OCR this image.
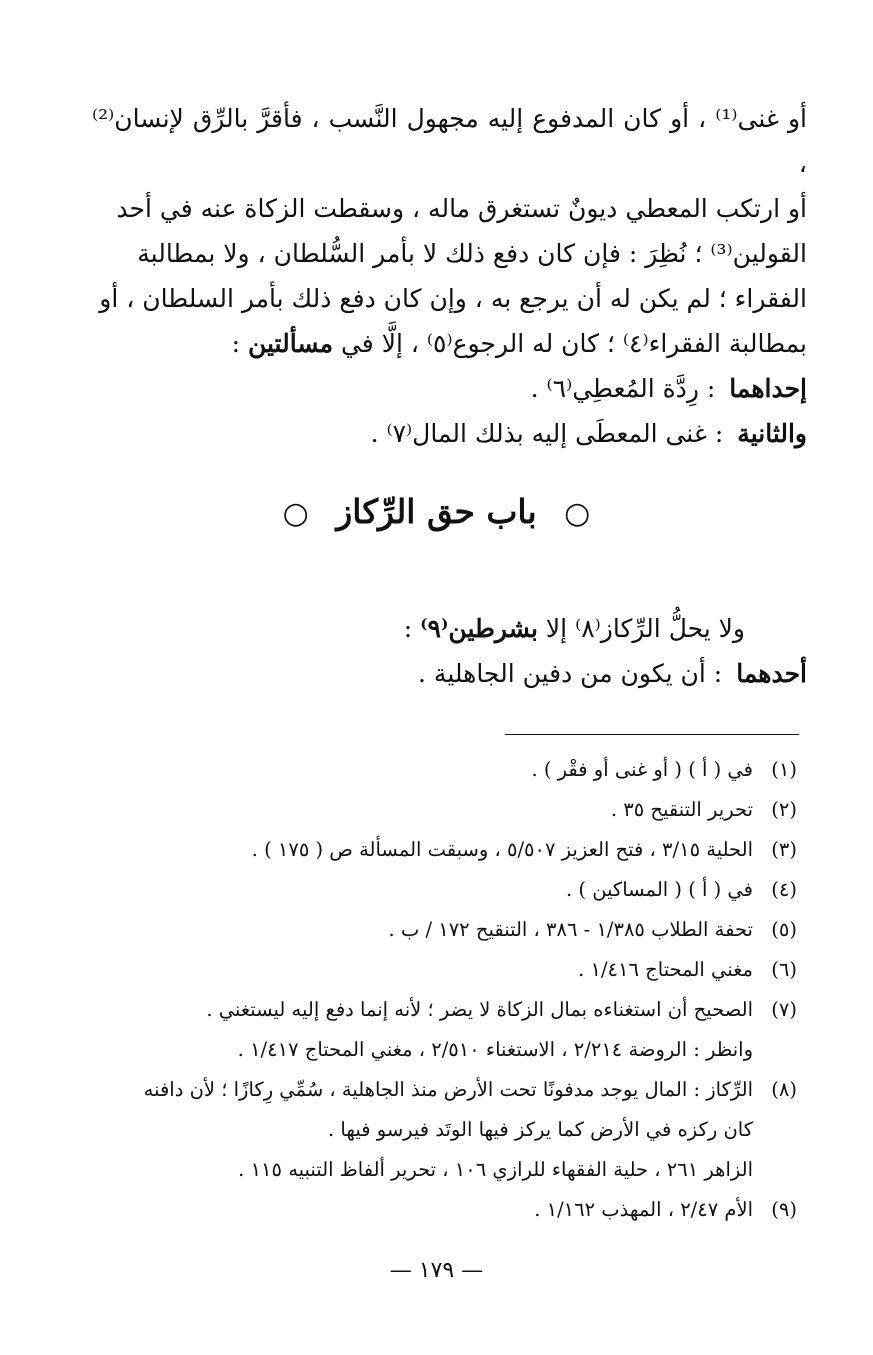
أو غنى⁽¹⁾ ، أو كان المدفوع إليه مجهول النَّسب ، فأقرَّ بالرِّق لإنسان⁽²⁾ ،

أو ارتكب المعطي ديونٌ تستغرق ماله ، وسقطت الزكاة عنه في أحد

القولين⁽³⁾ ؛ نُظِرَ : فإن كان دفع ذلك لا بأمر السُّلطان ، ولا بمطالبة

الفقراء ؛ لم يكن له أن يرجع به ، وإن كان دفع ذلك بأمر السلطان ، أو

بمطالبة الفقراء⁽٤⁾ ؛ كان له الرجوع⁽٥⁾ ، إلَّا في مسألتين :

إحداهما
: رِدَّة المُعطِي⁽٦⁾ .
والثانية
: غنى المعطَى إليه بذلك المال⁽٧⁾ .
○ باب حق الرِّكاز ○
ولا يحلُّ الرِّكاز⁽٨⁾ إلا بشرطين⁽٩⁾ :
أحدهما
: أن يكون من دفين الجاهلية .
(١)
في ( أ ) ( أو غنى أو فقْر ) .
(٢)
تحرير التنقيح ٣٥ .
(٣)
الحلية ٣/١٥ ، فتح العزيز ٥/٥٠٧ ، وسبقت المسألة ص ( ١٧٥ ) .
(٤)
في ( أ ) ( المساكين ) .
(٥)
تحفة الطلاب ١/٣٨٥ - ٣٨٦ ، التنقيح ١٧٢ / ب .
(٦)
مغني المحتاج ١/٤١٦ .
(٧)
الصحيح أن استغناءه بمال الزكاة لا يضر ؛ لأنه إنما دفع إليه ليستغني .
وانظر : الروضة ٢/٢١٤ ، الاستغناء ٢/٥١٠ ، مغني المحتاج ١/٤١٧ .
(٨)
الرِّكاز : المال يوجد مدفونًا تحت الأرض منذ الجاهلية ، سُمِّي رِكازًا ؛ لأن دافنه
كان ركزه في الأرض كما يركز فيها الوتَد فيرسو فيها .
الزاهر ٢٦١ ، حلية الفقهاء للرازي ١٠٦ ، تحرير ألفاظ التنبيه ١١٥ .
(٩)
الأم ٢/٤٧ ، المهذب ١/١٦٢ .
— ١٧٩ —
